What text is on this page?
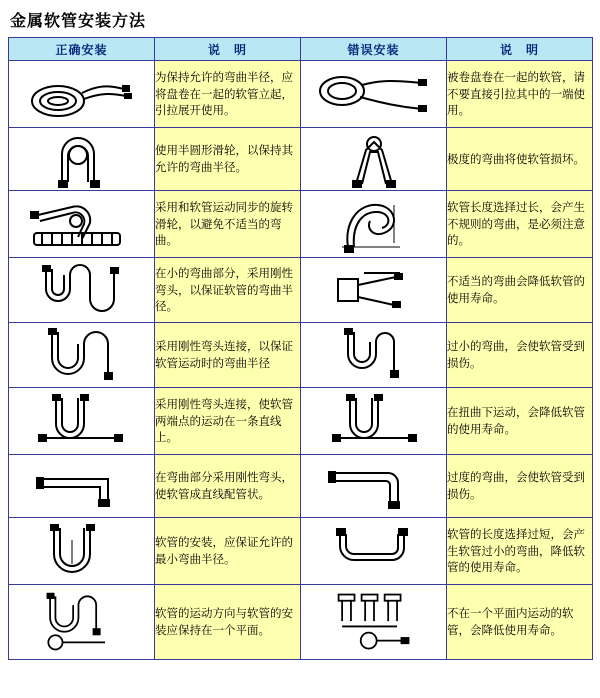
金属软管安装方法
正确安装	说　明	错误安装	说　明

	为保持允许的弯曲半径，应将盘卷在一起的软管立起，引拉展开使用。		被卷盘卷在一起的软管，请不要直接引拉其中的一端使用。

	使用半圆形滑轮，以保持其允许的弯曲半径。		极度的弯曲将使软管损坏。

	采用和软管运动同步的旋转滑轮，以避免不适当的弯曲。		软管长度选择过长，会产生不规则的弯曲，是必须注意的。

	在小的弯曲部分，采用刚性弯头，以保证软管的弯曲半径。		不适当的弯曲会降低软管的使用寿命。

	采用刚性弯头连接，以保证软管运动时的弯曲半径		过小的弯曲，会使软管受到损伤。

	采用刚性弯头连接，使软管两端点的运动在一条直线上。		在扭曲下运动，会降低软管的使用寿命。

	在弯曲部分采用刚性弯头，使软管成直线配管状。		过度的弯曲，会使软管受到损伤。

	软管的安装，应保证允许的最小弯曲半径。		软管的长度选择过短，会产生软管过小的弯曲，降低软管的使用寿命。

	软管的运动方向与软管的安装应保持在一个平面。		不在一个平面内运动的软管，会降低使用寿命。
